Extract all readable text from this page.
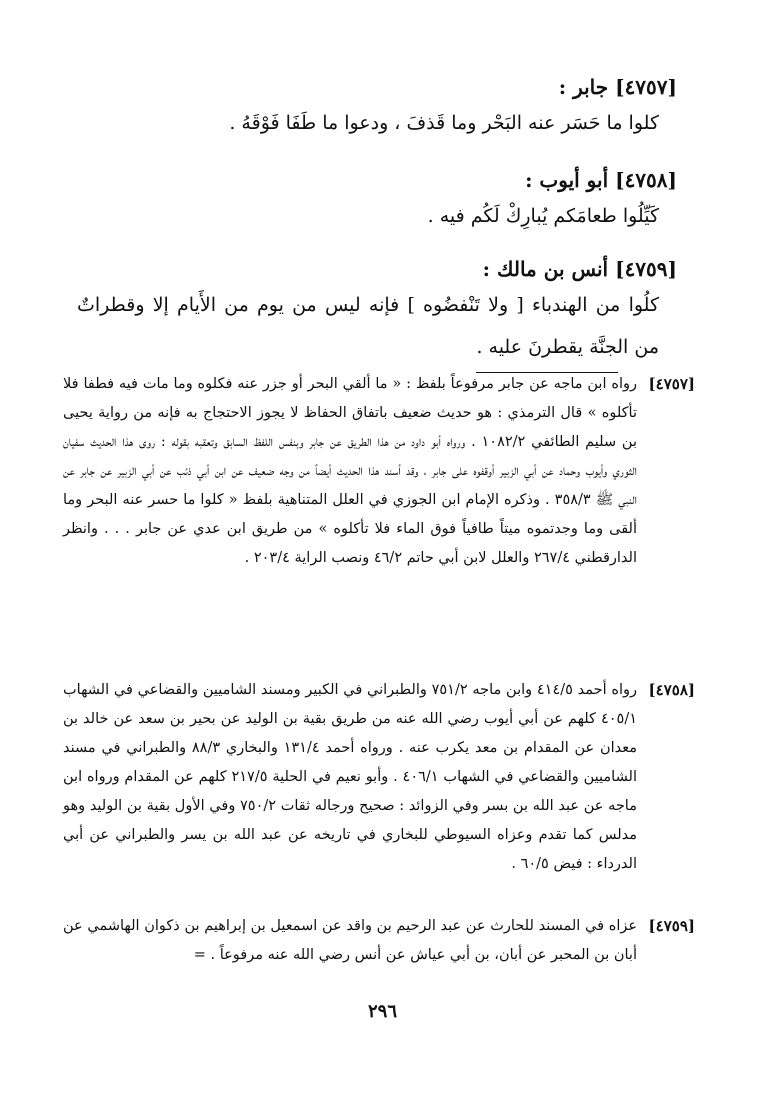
[٤٧٥٧] جابر :
كلوا ما حَسَر عنه البَحْر وما قَذفَ ، ودعوا ما طَفَا فَوْقَهُ .
[٤٧٥٨] أبو أيوب :
كَيِّلُوا طعامَكم يُبارِكْ لَكُم فيه .
[٤٧٥٩] أنس بن مالك :
كلُوا من الهندباء [ ولا تَنْفضُوه ] فإنه ليس من يوم من الأَيام إلا وقطراتٌ من الجنَّة يقطرنَ عليه .
[٤٧٥٧]
رواه ابن ماجه عن جابر مرفوعاً بلفظ : « ما ألقي البحر أو جزر عنه فكلوه وما مات فيه فطفا فلا تأكلوه » قال الترمذي : هو حديث ضعيف باتفاق الحفاظ لا يجوز الاحتجاج به فإنه من رواية يحيى بن سليم الطائفي ١٠٨٢/٢ . ورواه أبو داود من هذا الطريق عن جابر وبنفس اللفظ السابق وتعقبه بقوله : روى هذا الحديث سفيان الثوري وأيوب وحماد عن أبي الزبير أوقفوه على جابر ، وقد أسند هذا الحديث أيضاً من وجه ضعيف عن ابن أبي ذئب عن أبي الزبير عن جابر عن النبي ﷺ ٣٥٨/٣ . وذكره الإمام ابن الجوزي في العلل المتناهية بلفظ « كلوا ما حسر عنه البحر وما ألقى وما وجدتموه ميتاً طافياً فوق الماء فلا تأكلوه » من طريق ابن عدي عن جابر . . . وانظر الدارقطني ٢٦٧/٤ والعلل لابن أبي حاتم ٤٦/٢ ونصب الراية ٢٠٣/٤ .
[٤٧٥٨]
رواه أحمد ٤١٤/٥ وابن ماجه ٧٥١/٢ والطبراني في الكبير ومسند الشاميين والقضاعي في الشهاب ٤٠٥/١ كلهم عن أبي أيوب رضي الله عنه من طريق بقية بن الوليد عن بحير بن سعد عن خالد بن معدان عن المقدام بن معد يكرب عنه . ورواه أحمد ١٣١/٤ والبخاري ٨٨/٣ والطبراني في مسند الشاميين والقضاعي في الشهاب ٤٠٦/١ . وأبو نعيم في الحلية ٢١٧/٥ كلهم عن المقدام ورواه ابن ماجه عن عبد الله بن بسر وفي الزوائد : صحيح ورجاله ثقات ٧٥٠/٢ وفي الأول بقية بن الوليد وهو مدلس كما تقدم وعزاه السيوطي للبخاري في تاريخه عن عبد الله بن يسر والطبراني عن أبي الدرداء : فيض ٦٠/٥ .
[٤٧٥٩]
عزاه في المسند للحارث عن عبد الرحيم بن واقد عن اسمعيل بن إبراهيم بن ذكوان الهاشمي عن أبان بن المحبر عن أبان، بن أبي عياش عن أنس رضي الله عنه مرفوعاً . =
٢٩٦
